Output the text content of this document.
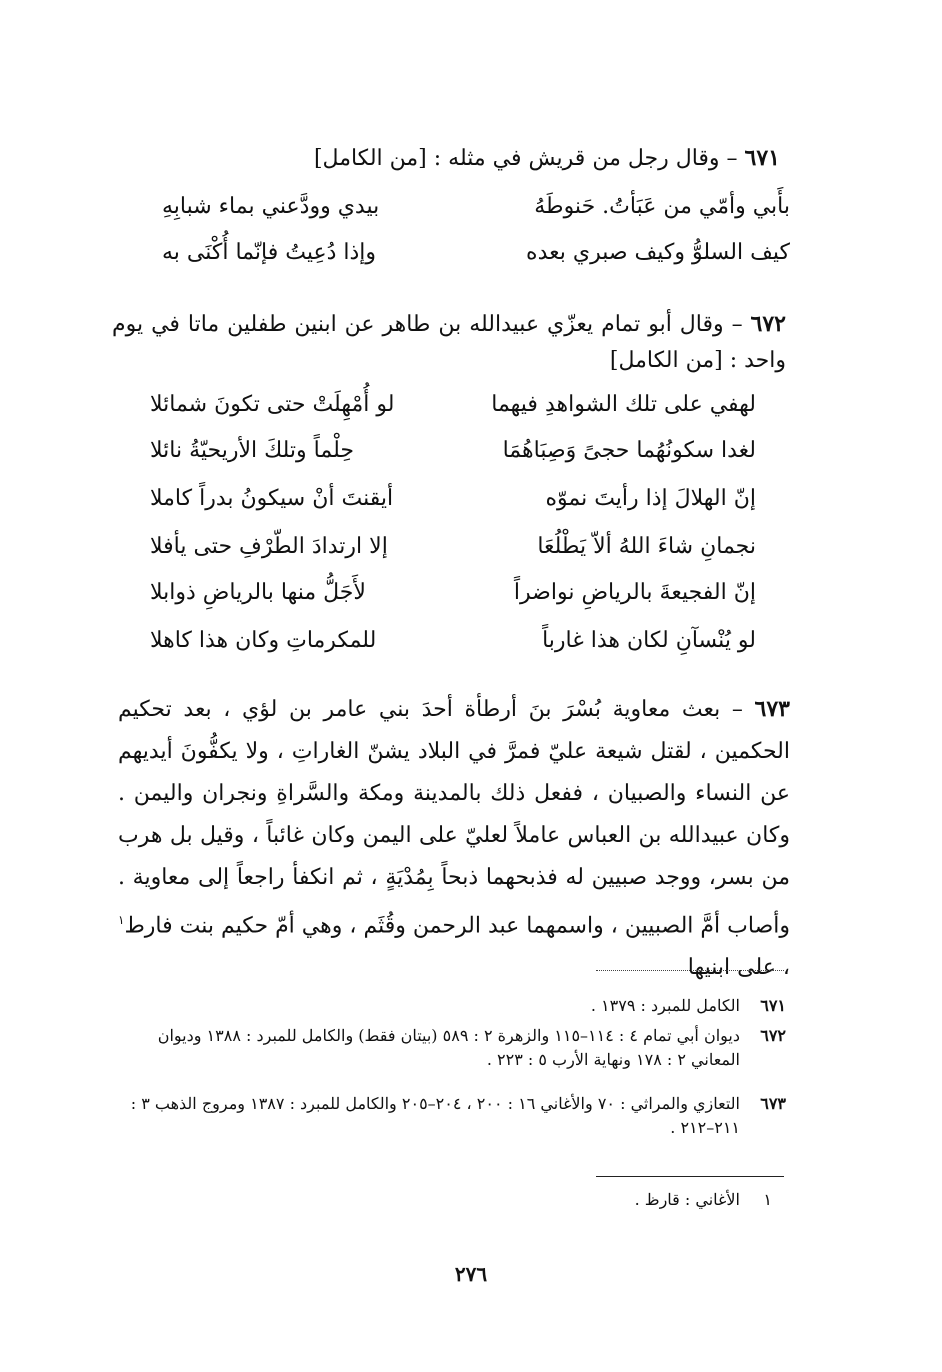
٦٧١ – وقال رجل من قريش في مثله : [من الكامل]
بأَبي وأمّي من عَبَأتُ. حَنوطَهُ
بيدي وودَّعني بماء شبابِهِ
كيف السلوُّ وكيف صبري بعده
وإذا دُعِيتُ فإنّما أُكْنَى به
٦٧٢ – وقال أبو تمام يعزّي عبيدالله بن طاهر عن ابنين طفلين ماتا في يوم واحد : [من الكامل]
لهفي على تلك الشواهدِ فيهما
لو أُمْهِلَتْ حتى تكونَ شمائلا
لغدا سكونُهُما حجىً وَصِبَاهُمَا
حِلْماً وتلكَ الأريحيّةُ نائلا
إنّ الهلالَ إذا رأيتَ نموّه
أيقنتَ أنْ سيكونُ بدراً كاملا
نجمانِ شاءَ اللهُ ألاّ يَطْلُعَا
إلا ارتدادَ الطّرْفِ حتى يأفلا
إنّ الفجيعةَ بالرياضِ نواضراً
لأَجَلُّ منها بالرياضِ ذوابلا
لو يُنْسآنِ لكان هذا غارباً
للمكرماتِ وكان هذا كاهلا
٦٧٣ – بعث معاوية بُسْرَ بنَ أرطأة أحدَ بني عامر بن لؤي ، بعد تحكيم الحكمين ، لقتل شيعة عليّ فمرَّ في البلاد يشنّ الغاراتِ ، ولا يكفُّونَ أيديهم عن النساء والصبيان ، ففعل ذلك بالمدينة ومكة والسَّراةِ ونجران واليمن . وكان عبيدالله بن العباس عاملاً لعليّ على اليمن وكان غائباً ، وقيل بل هرب من بسر، ووجد صبيين له فذبحهما ذبحاً بِمُدْيَةٍ ، ثم انكفأ راجعاً إلى معاوية . وأصاب أمَّ الصبيين ، واسمهما عبد الرحمن وقُثَم ، وهي أمّ حكيم بنت فارط$^١$ ، على ابنيها
٦٧١
الكامل للمبرد : ١٣٧٩ .
٦٧٢
ديوان أبي تمام ٤ : ١١٤–١١٥ والزهرة ٢ : ٥٨٩ (بيتان فقط) والكامل للمبرد : ١٣٨٨ وديوان المعاني ٢ : ١٧٨ ونهاية الأرب ٥ : ٢٢٣ .
٦٧٣
التعازي والمراثي : ٧٠ والأغاني ١٦ : ٢٠٠ ، ٢٠٤–٢٠٥ والكامل للمبرد : ١٣٨٧ ومروج الذهب ٣ : ٢١١–٢١٢ .
١
الأغاني : قارظ .
٢٧٦
